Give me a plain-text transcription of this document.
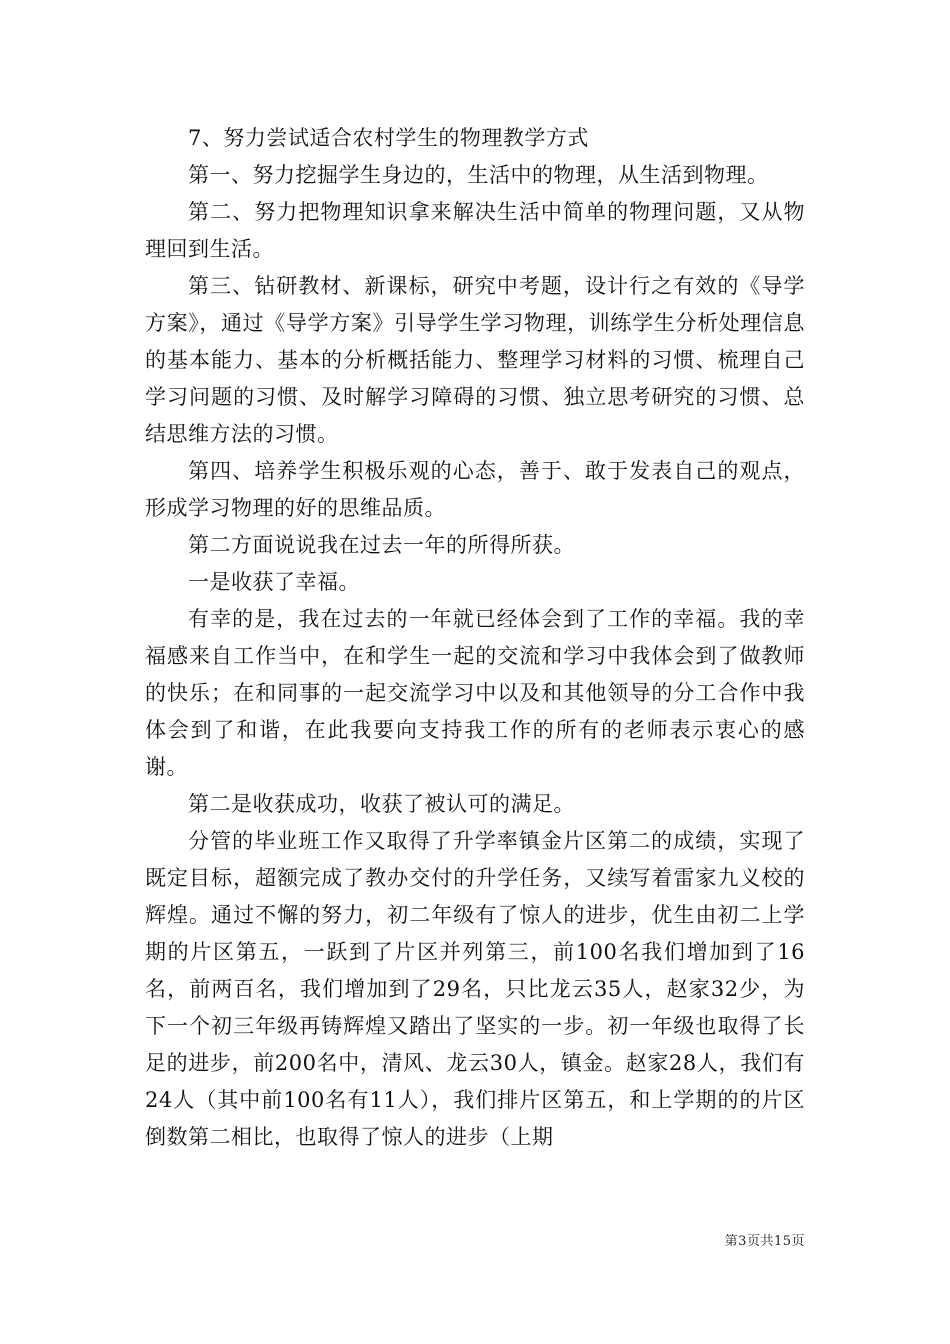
7、努力尝试适合农村学生的物理教学方式

第一、努力挖掘学生身边的，生活中的物理，从生活到物理。

第二、努力把物理知识拿来解决生活中简单的物理问题，又从物理回到生活。

第三、钻研教材、新课标，研究中考题，设计行之有效的《导学方案》，通过《导学方案》引导学生学习物理，训练学生分析处理信息的基本能力、基本的分析概括能力、整理学习材料的习惯、梳理自己学习问题的习惯、及时解学习障碍的习惯、独立思考研究的习惯、总结思维方法的习惯。

第四、培养学生积极乐观的心态，善于、敢于发表自己的观点，形成学习物理的好的思维品质。

第二方面说说我在过去一年的所得所获。

一是收获了幸福。

有幸的是，我在过去的一年就已经体会到了工作的幸福。我的幸福感来自工作当中，在和学生一起的交流和学习中我体会到了做教师的快乐；在和同事的一起交流学习中以及和其他领导的分工合作中我体会到了和谐，在此我要向支持我工作的所有的老师表示衷心的感谢。

第二是收获成功，收获了被认可的满足。

分管的毕业班工作又取得了升学率镇金片区第二的成绩，实现了既定目标，超额完成了教办交付的升学任务，又续写着雷家九义校的辉煌。通过不懈的努力，初二年级有了惊人的进步，优生由初二上学期的片区第五，一跃到了片区并列第三，前100名我们增加到了16名，前两百名，我们增加到了29名，只比龙云35人，赵家32少，为下一个初三年级再铸辉煌又踏出了坚实的一步。初一年级也取得了长足的进步，前200名中，清风、龙云30人，镇金。赵家28人，我们有24人（其中前100名有11人），我们排片区第五，和上学期的的片区倒数第二相比，也取得了惊人的进步（上期

第3页共15页
